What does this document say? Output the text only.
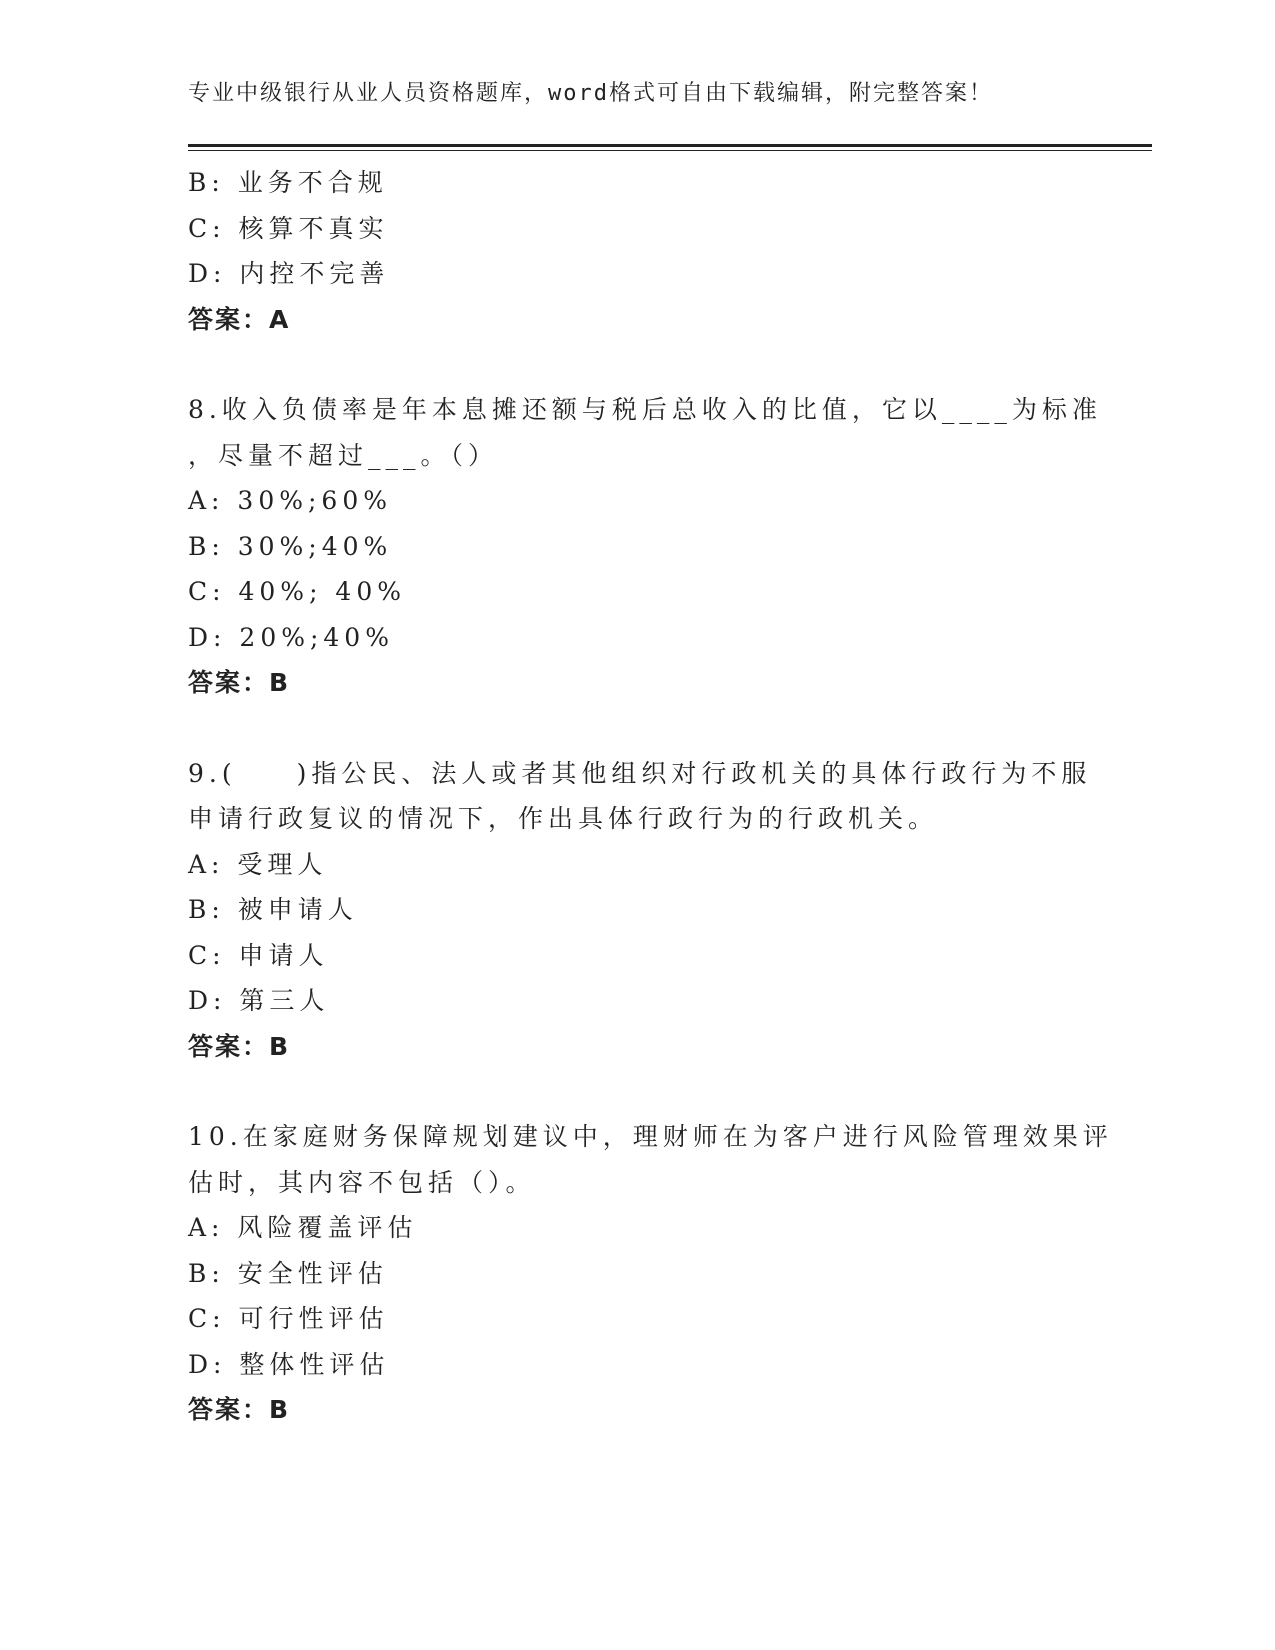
专业中级银行从业人员资格题库，word格式可自由下载编辑，附完整答案！
B: 业务不合规
C: 核算不真实
D: 内控不完善
答案：A
8.收入负债率是年本息摊还额与税后总收入的比值，它以____为标准
，尽量不超过___。（）
A: 30%;60%
B: 30%;40%
C: 40%; 40%
D: 20%;40%
答案：B
9.(　　)指公民、法人或者其他组织对行政机关的具体行政行为不服
申请行政复议的情况下，作出具体行政行为的行政机关。
A: 受理人
B: 被申请人
C: 申请人
D: 第三人
答案：B
10.在家庭财务保障规划建议中，理财师在为客户进行风险管理效果评
估时，其内容不包括（）。
A: 风险覆盖评估
B: 安全性评估
C: 可行性评估
D: 整体性评估
答案：B
